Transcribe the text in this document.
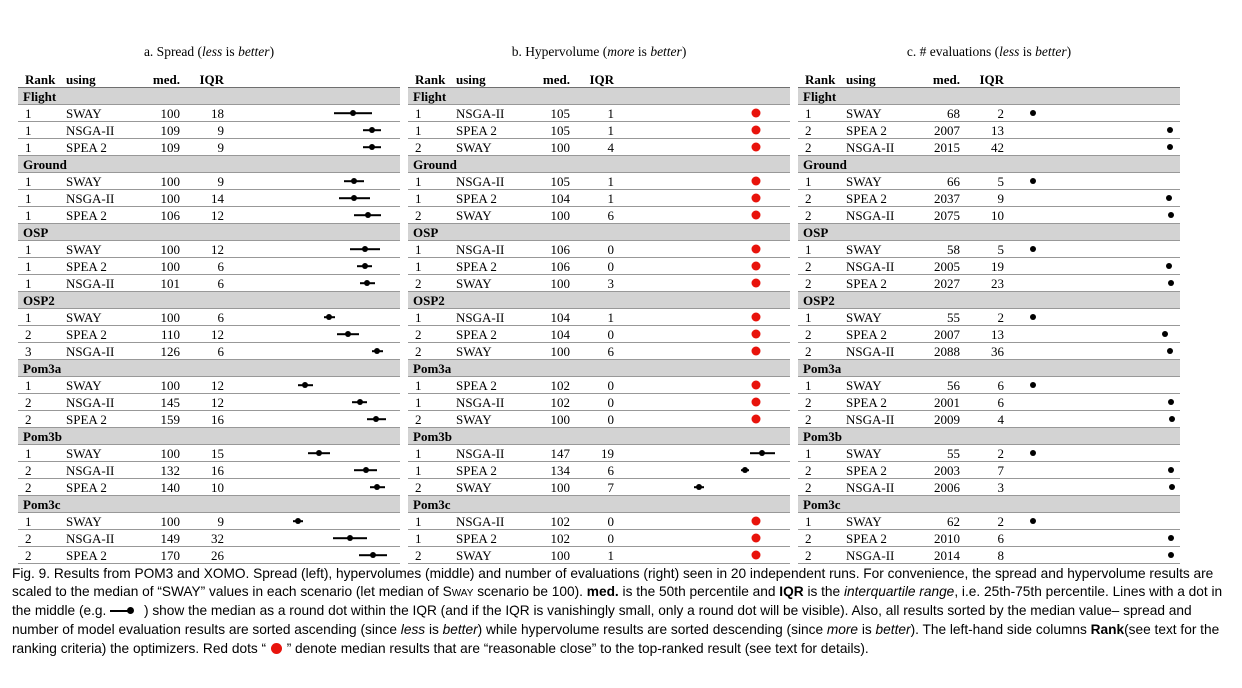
a. Spread (less is better)
Rank using	med.	IQR
Flight
1	SWAY	100	18
1	NSGA-II	109	9
1	SPEA 2	109	9
Ground
1	SWAY	100	9
1	NSGA-II	100	14
1	SPEA 2	106	12
OSP
1	SWAY	100	12
1	SPEA 2	100	6
1	NSGA-II	101	6
OSP2
1	SWAY	100	6
2	SPEA 2	110	12
3	NSGA-II	126	6
Pom3a
1	SWAY	100	12
2	NSGA-II	145	12
2	SPEA 2	159	16
Pom3b
1	SWAY	100	15
2	NSGA-II	132	16
2	SPEA 2	140	10
Pom3c
1	SWAY	100	9
2	NSGA-II	149	32
2	SPEA 2	170	26
b. Hypervolume (more is better)
Rank using	med.	IQR
Flight
1	NSGA-II	105	1
1	SPEA 2	105	1
2	SWAY	100	4
Ground
1	NSGA-II	105	1
1	SPEA 2	104	1
2	SWAY	100	6
OSP
1	NSGA-II	106	0
1	SPEA 2	106	0
2	SWAY	100	3
OSP2
1	NSGA-II	104	1
2	SPEA 2	104	0
2	SWAY	100	6
Pom3a
1	SPEA 2	102	0
1	NSGA-II	102	0
2	SWAY	100	0
Pom3b
1	NSGA-II	147	19
1	SPEA 2	134	6
2	SWAY	100	7
Pom3c
1	NSGA-II	102	0
1	SPEA 2	102	0
2	SWAY	100	1
c. # evaluations (less is better)
Rank using	med.	IQR
Flight
1	SWAY	68	2
2	SPEA 2	2007	13
2	NSGA-II	2015	42
Ground
1	SWAY	66	5
2	SPEA 2	2037	9
2	NSGA-II	2075	10
OSP
1	SWAY	58	5
2	NSGA-II	2005	19
2	SPEA 2	2027	23
OSP2
1	SWAY	55	2
2	SPEA 2	2007	13
2	NSGA-II	2088	36
Pom3a
1	SWAY	56	6
2	SPEA 2	2001	6
2	NSGA-II	2009	4
Pom3b
1	SWAY	55	2
2	SPEA 2	2003	7
2	NSGA-II	2006	3
Pom3c
1	SWAY	62	2
2	SPEA 2	2010	6
2	NSGA-II	2014	8

Fig. 9. Results from POM3 and XOMO. Spread (left), hypervolumes (middle) and number of evaluations (right) seen in 20 independent runs. For convenience, the spread and hypervolume results are scaled to the median of “SWAY” values in each scenario (let median of Sway scenario be 100). med. is the 50th percentile and IQR is the interquartile range, i.e. 25th-75th percentile. Lines with a dot in the middle (e.g.
) show the median as a round dot within the IQR (and if the IQR is vanishingly small, only a round dot will be visible). Also, all results sorted by the median value– spread and number of model evaluation results are sorted ascending (since less is better) while hypervolume results are sorted descending (since more is better). The left-hand side columns Rank(see text for the ranking criteria) the optimizers. Red dots “  ” denote median results that are “reasonable close” to the top-ranked result (see text for details).
